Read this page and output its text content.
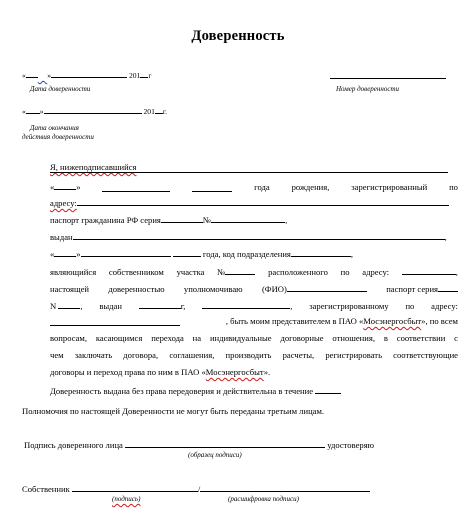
Доверенность
«	»	201 г
Дата доверенности	Номер доверенности
« »	201 г.
Дата окончания
действия доверенности
Я, нижеподписавшийся
«	»	года	рождения,	зарегистрированный	по
адресу:
паспорт гражданина РФ серия	№	,
выдан	,
«	»	года, код подразделения	,
являющийся собственником участка №	расположенного по адресу:	,
настоящей доверенностью уполномочиваю (ФИО)	паспорт серия
N	, выдан	г,	, зарегистрированному по адресу:
, быть моим представителем в ПАО «Мосэнергосбыт», по всем
вопросам, касающимся перехода на индивидуальные договорные отношения, в соответствии с
чем заключать договора, соглашения, производить расчеты, регистрировать соответствующие
договоры и переход права по ним в ПАО «Мосэнергосбыт».
Доверенность выдана без права передоверия и действительна в течение
Полномочия по настоящей Доверенности не могут быть переданы третьим лицам.
Подпись доверенного лица	удостоверяю
(образец подписи)
Собственник	/
(подпись)	(расшифровка подписи)
